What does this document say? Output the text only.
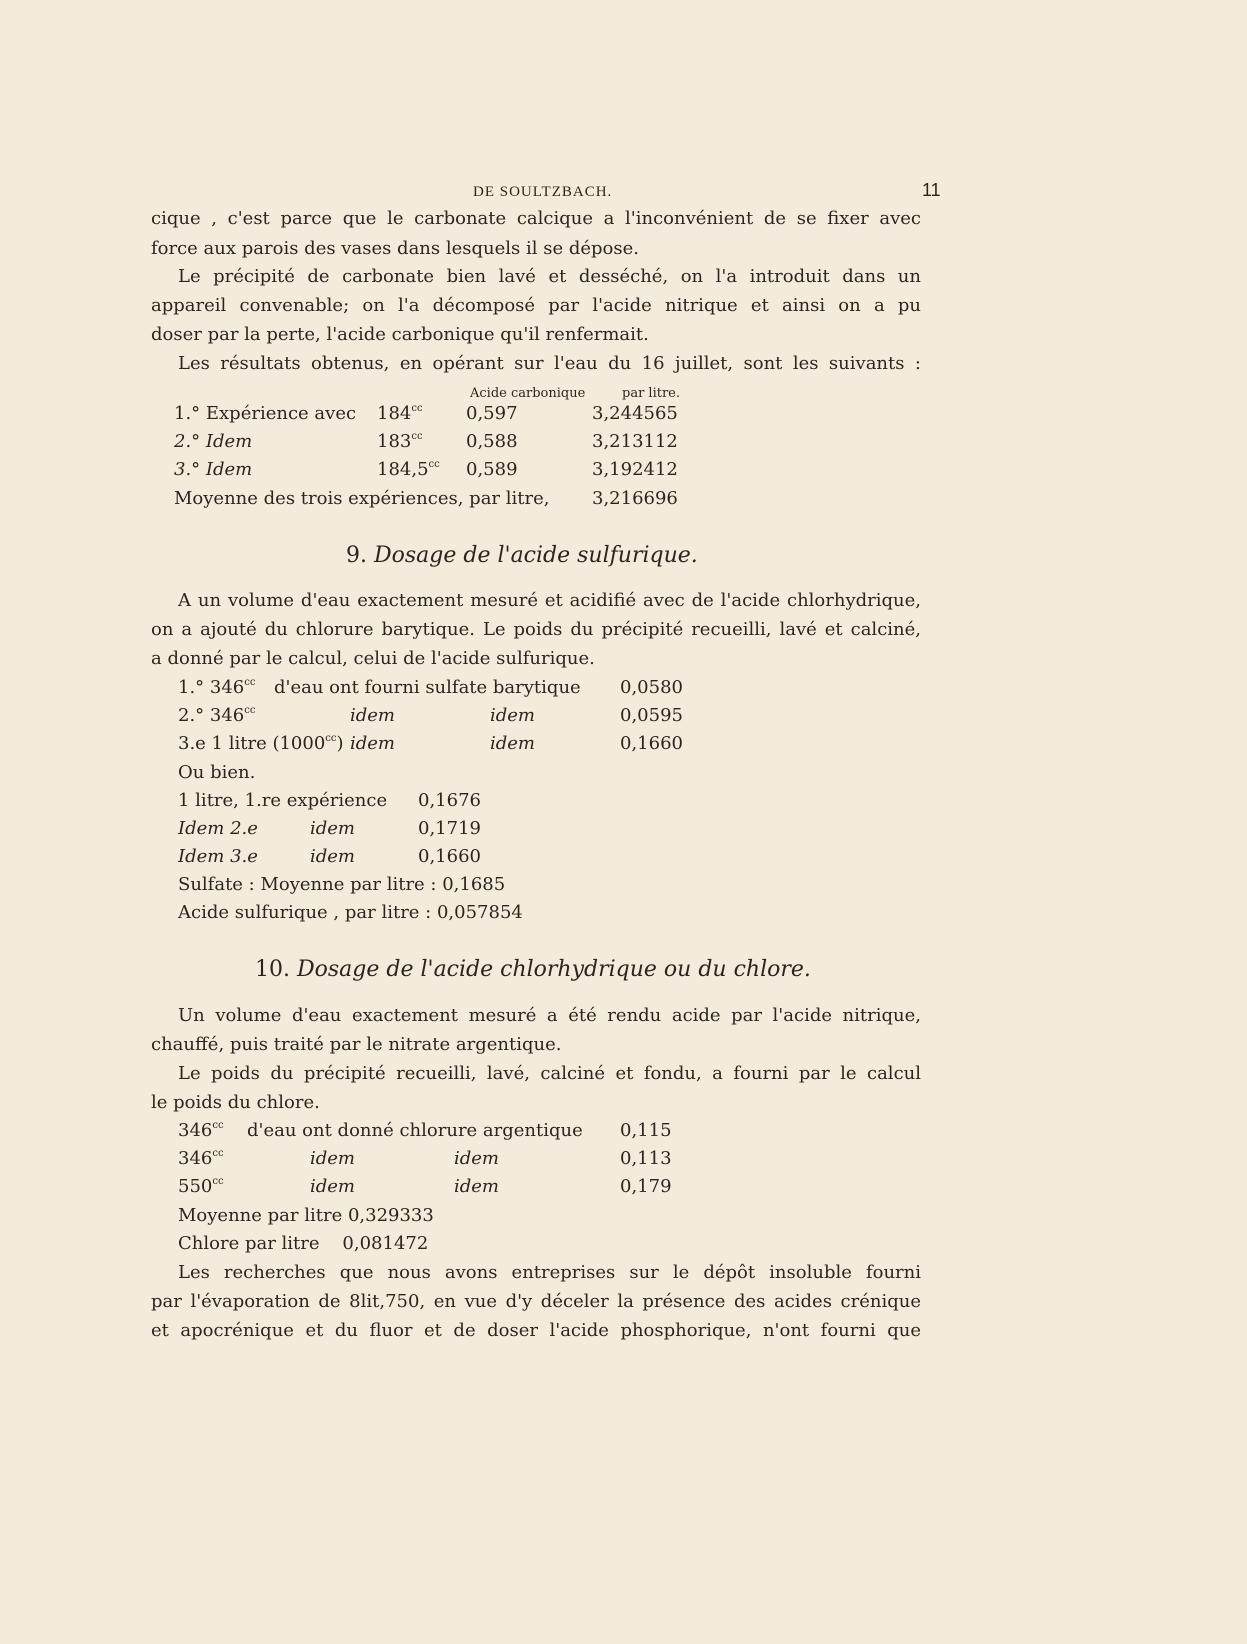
DE SOULTZBACH.	11
cique , c'est parce que le carbonate calcique a l'inconvénient de se fixer avec
force aux parois des vases dans lesquels il se dépose.
Le précipité de carbonate bien lavé et desséché, on l'a introduit dans un
appareil convenable; on l'a décomposé par l'acide nitrique et ainsi on a pu
doser par la perte, l'acide carbonique qu'il renfermait.
Les résultats obtenus, en opérant sur l'eau du 16 juillet, sont les suivants :
Acide carbonique	par litre.
1.° Expérience avec $184^{cc}$ 0,597	3,244565
2.° Idem	$183^{cc}$ 0,588	3,213112
3.° Idem	184,5$^{cc}$ 0,589	3,192412
Moyenne des trois expériences, par litre, 3,216696
9. Dosage de l'acide sulfurique.
A un volume d'eau exactement mesuré et acidifié avec de l'acide chlorhydrique,
on a ajouté du chlorure barytique. Le poids du précipité recueilli, lavé et calciné,
a donné par le calcul, celui de l'acide sulfurique.
1.° $346^{cc}$ d'eau ont fourni sulfate barytique 0,0580
2.° $346^{cc}$	idem	idem	0,0595
3.e 1 litre $(1000^{cc})$ idem	idem	0,1660
Ou bien.
1 litre, 1.re expérience 0,1676
Idem 2.e	idem	0,1719
Idem 3.e	idem	0,1660
Sulfate : Moyenne par litre : 0,1685
Acide sulfurique , par litre : 0,057854
10. Dosage de l'acide chlorhydrique ou du chlore.
Un volume d'eau exactement mesuré a été rendu acide par l'acide nitrique,
chauffé, puis traité par le nitrate argentique.
Le poids du précipité recueilli, lavé, calciné et fondu, a fourni par le calcul
le poids du chlore.
$346^{cc}$ d'eau ont donné chlorure argentique 0,115
$346^{cc}$	idem	idem	0,113
$550^{cc}$	idem	idem	0,179
Moyenne par litre 0,329333
Chlore par litre    0,081472
Les recherches que nous avons entreprises sur le dépôt insoluble fourni
par l'évaporation de 8lit,750, en vue d'y déceler la présence des acides crénique
et apocrénique et du fluor et de doser l'acide phosphorique, n'ont fourni que
